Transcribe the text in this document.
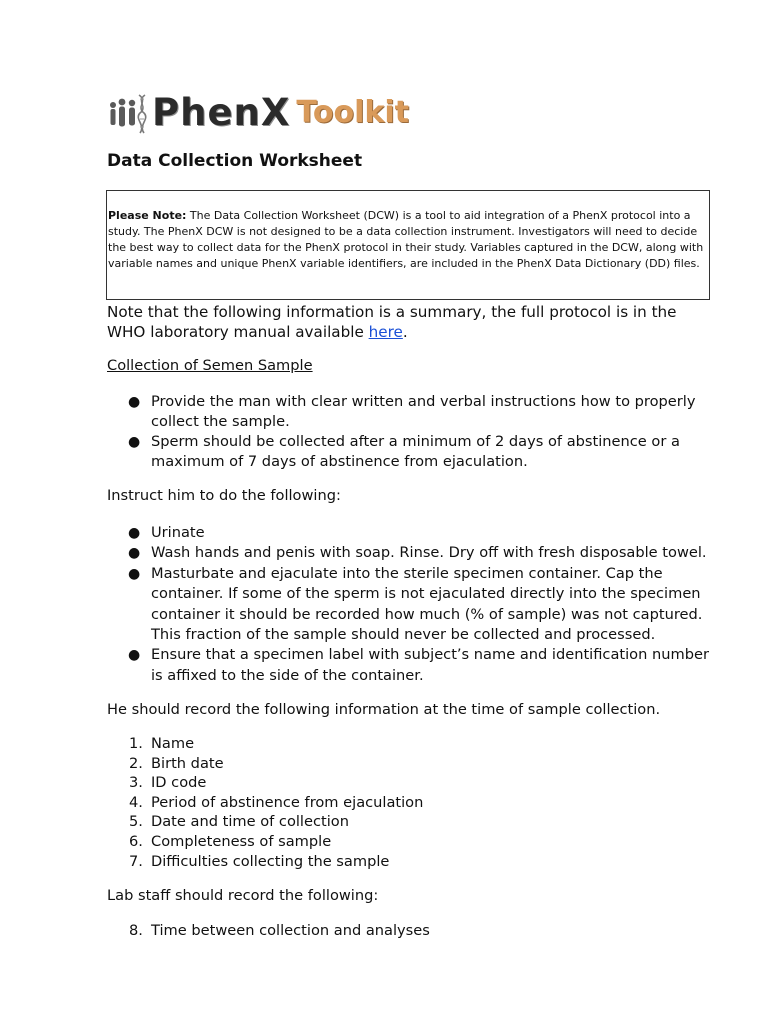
PhenX Toolkit
Data Collection Worksheet
Please Note: The Data Collection Worksheet (DCW) is a tool to aid integration of a PhenX protocol into a study. The PhenX DCW is not designed to be a data collection instrument. Investigators will need to decide the best way to collect data for the PhenX protocol in their study. Variables captured in the DCW, along with variable names and unique PhenX variable identifiers, are included in the PhenX Data Dictionary (DD) files.
Note that the following information is a summary, the full protocol is in the WHO laboratory manual available here.
Collection of Semen Sample
● Provide the man with clear written and verbal instructions how to properly collect the sample.
● Sperm should be collected after a minimum of 2 days of abstinence or a maximum of 7 days of abstinence from ejaculation.
Instruct him to do the following:
● Urinate
● Wash hands and penis with soap. Rinse. Dry off with fresh disposable towel.
● Masturbate and ejaculate into the sterile specimen container. Cap the container. If some of the sperm is not ejaculated directly into the specimen container it should be recorded how much (% of sample) was not captured. This fraction of the sample should never be collected and processed.
● Ensure that a specimen label with subject’s name and identification number is affixed to the side of the container.
He should record the following information at the time of sample collection.
1. Name
2. Birth date
3. ID code
4. Period of abstinence from ejaculation
5. Date and time of collection
6. Completeness of sample
7. Difficulties collecting the sample
Lab staff should record the following:
8. Time between collection and analyses
